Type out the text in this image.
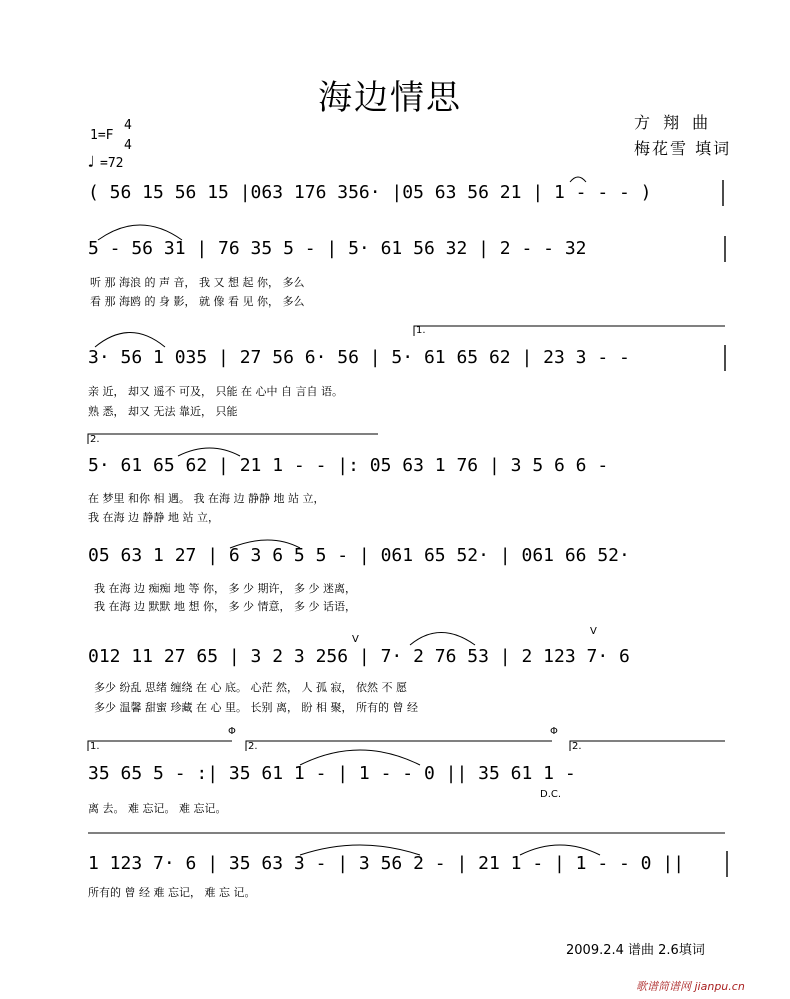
海边情思
方 翔 曲
梅花雪 填词
1=F
4
4
♩ =72
( 56 15 56 15 |063 176 356· |05 63 56 21 | 1 - - - )
5 - 56 31 | 76 35 5 - | 5· 61 56 32 | 2 - - 32
听 那 海浪 的 声 音， 我 又 想 起 你， 多么
看 那 海鸥 的 身 影， 就 像 看 见 你， 多么
3· 56 1 035 | 27 56 6· 56 | 5· 61 65 62 | 23 3 - -
亲 近， 却又 遥不 可及， 只能 在 心中 自 言自 语。
熟 悉， 却又 无法 靠近， 只能
5· 61 65 62 | 21 1 - - |: 05 63 1 76 | 3 5 6 6 -
在 梦里 和你 相 遇。 我 在海 边 静静 地 站 立，
我 在海 边 静静 地 站 立，
05 63 1 27 | 6 3 6 5 5 - | 061 65 52· | 061 66 52·
我 在海 边 痴痴 地 等 你， 多 少 期许， 多 少 迷离，
我 在海 边 默默 地 想 你， 多 少 情意， 多 少 话语，
012 11 27 65 | 3 2 3 256 | 7· 2 76 53 | 2 123 7· 6
多少 纷乱 思绪 缠绕 在 心 底。 心茫 然， 人 孤 寂， 依然 不 愿
多少 温馨 甜蜜 珍藏 在 心 里。 长别 离， 盼 相 聚， 所有的 曾 经
35 65 5 - :| 35 61 1 - | 1 - - 0 || 35 61 1 -
离 去。 难 忘记。 难 忘记。
1 123 7· 6 | 35 63 3 - | 3 56 2 - | 21 1 - | 1 - - 0 ||
所有的 曾 经 难 忘记， 难 忘 记。
1.
2.
1.	2.	2.
Φ	Φ
D.C.
V
V
2009.2.4 谱曲 2.6填词
歌谱简谱网 jianpu.cn
